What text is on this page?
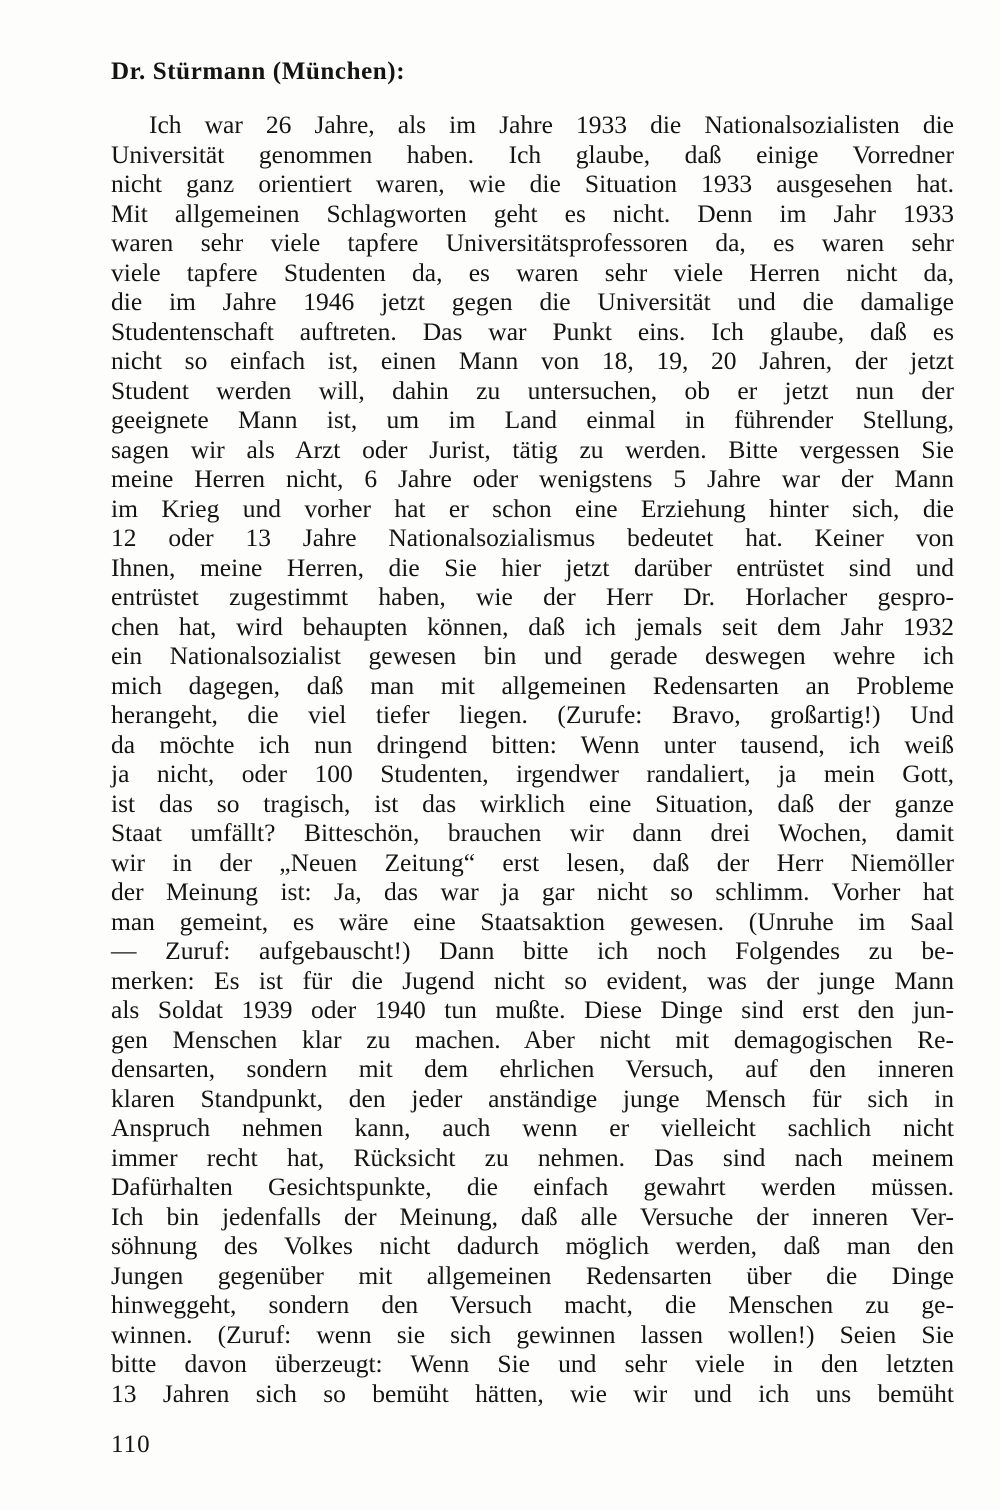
Dr. Stürmann (München):
Ich war 26 Jahre, als im Jahre 1933 die Nationalsozialisten die
Universität genommen haben. Ich glaube, daß einige Vorredner
nicht ganz orientiert waren, wie die Situation 1933 ausgesehen hat.
Mit allgemeinen Schlagworten geht es nicht. Denn im Jahr 1933
waren sehr viele tapfere Universitätsprofessoren da, es waren sehr
viele tapfere Studenten da, es waren sehr viele Herren nicht da,
die im Jahre 1946 jetzt gegen die Universität und die damalige
Studentenschaft auftreten. Das war Punkt eins. Ich glaube, daß es
nicht so einfach ist, einen Mann von 18, 19, 20 Jahren, der jetzt
Student werden will, dahin zu untersuchen, ob er jetzt nun der
geeignete Mann ist, um im Land einmal in führender Stellung,
sagen wir als Arzt oder Jurist, tätig zu werden. Bitte vergessen Sie
meine Herren nicht, 6 Jahre oder wenigstens 5 Jahre war der Mann
im Krieg und vorher hat er schon eine Erziehung hinter sich, die
12 oder 13 Jahre Nationalsozialismus bedeutet hat. Keiner von
Ihnen, meine Herren, die Sie hier jetzt darüber entrüstet sind und
entrüstet zugestimmt haben, wie der Herr Dr. Horlacher gespro-
chen hat, wird behaupten können, daß ich jemals seit dem Jahr 1932
ein Nationalsozialist gewesen bin und gerade deswegen wehre ich
mich dagegen, daß man mit allgemeinen Redensarten an Probleme
herangeht, die viel tiefer liegen. (Zurufe: Bravo, großartig!) Und
da möchte ich nun dringend bitten: Wenn unter tausend, ich weiß
ja nicht, oder 100 Studenten, irgendwer randaliert, ja mein Gott,
ist das so tragisch, ist das wirklich eine Situation, daß der ganze
Staat umfällt? Bitteschön, brauchen wir dann drei Wochen, damit
wir in der „Neuen Zeitung“ erst lesen, daß der Herr Niemöller
der Meinung ist: Ja, das war ja gar nicht so schlimm. Vorher hat
man gemeint, es wäre eine Staatsaktion gewesen. (Unruhe im Saal
— Zuruf: aufgebauscht!) Dann bitte ich noch Folgendes zu be-
merken: Es ist für die Jugend nicht so evident, was der junge Mann
als Soldat 1939 oder 1940 tun mußte. Diese Dinge sind erst den jun-
gen Menschen klar zu machen. Aber nicht mit demagogischen Re-
densarten, sondern mit dem ehrlichen Versuch, auf den inneren
klaren Standpunkt, den jeder anständige junge Mensch für sich in
Anspruch nehmen kann, auch wenn er vielleicht sachlich nicht
immer recht hat, Rücksicht zu nehmen. Das sind nach meinem
Dafürhalten Gesichtspunkte, die einfach gewahrt werden müssen.
Ich bin jedenfalls der Meinung, daß alle Versuche der inneren Ver-
söhnung des Volkes nicht dadurch möglich werden, daß man den
Jungen gegenüber mit allgemeinen Redensarten über die Dinge
hinweggeht, sondern den Versuch macht, die Menschen zu ge-
winnen. (Zuruf: wenn sie sich gewinnen lassen wollen!) Seien Sie
bitte davon überzeugt: Wenn Sie und sehr viele in den letzten
13 Jahren sich so bemüht hätten, wie wir und ich uns bemüht
110
